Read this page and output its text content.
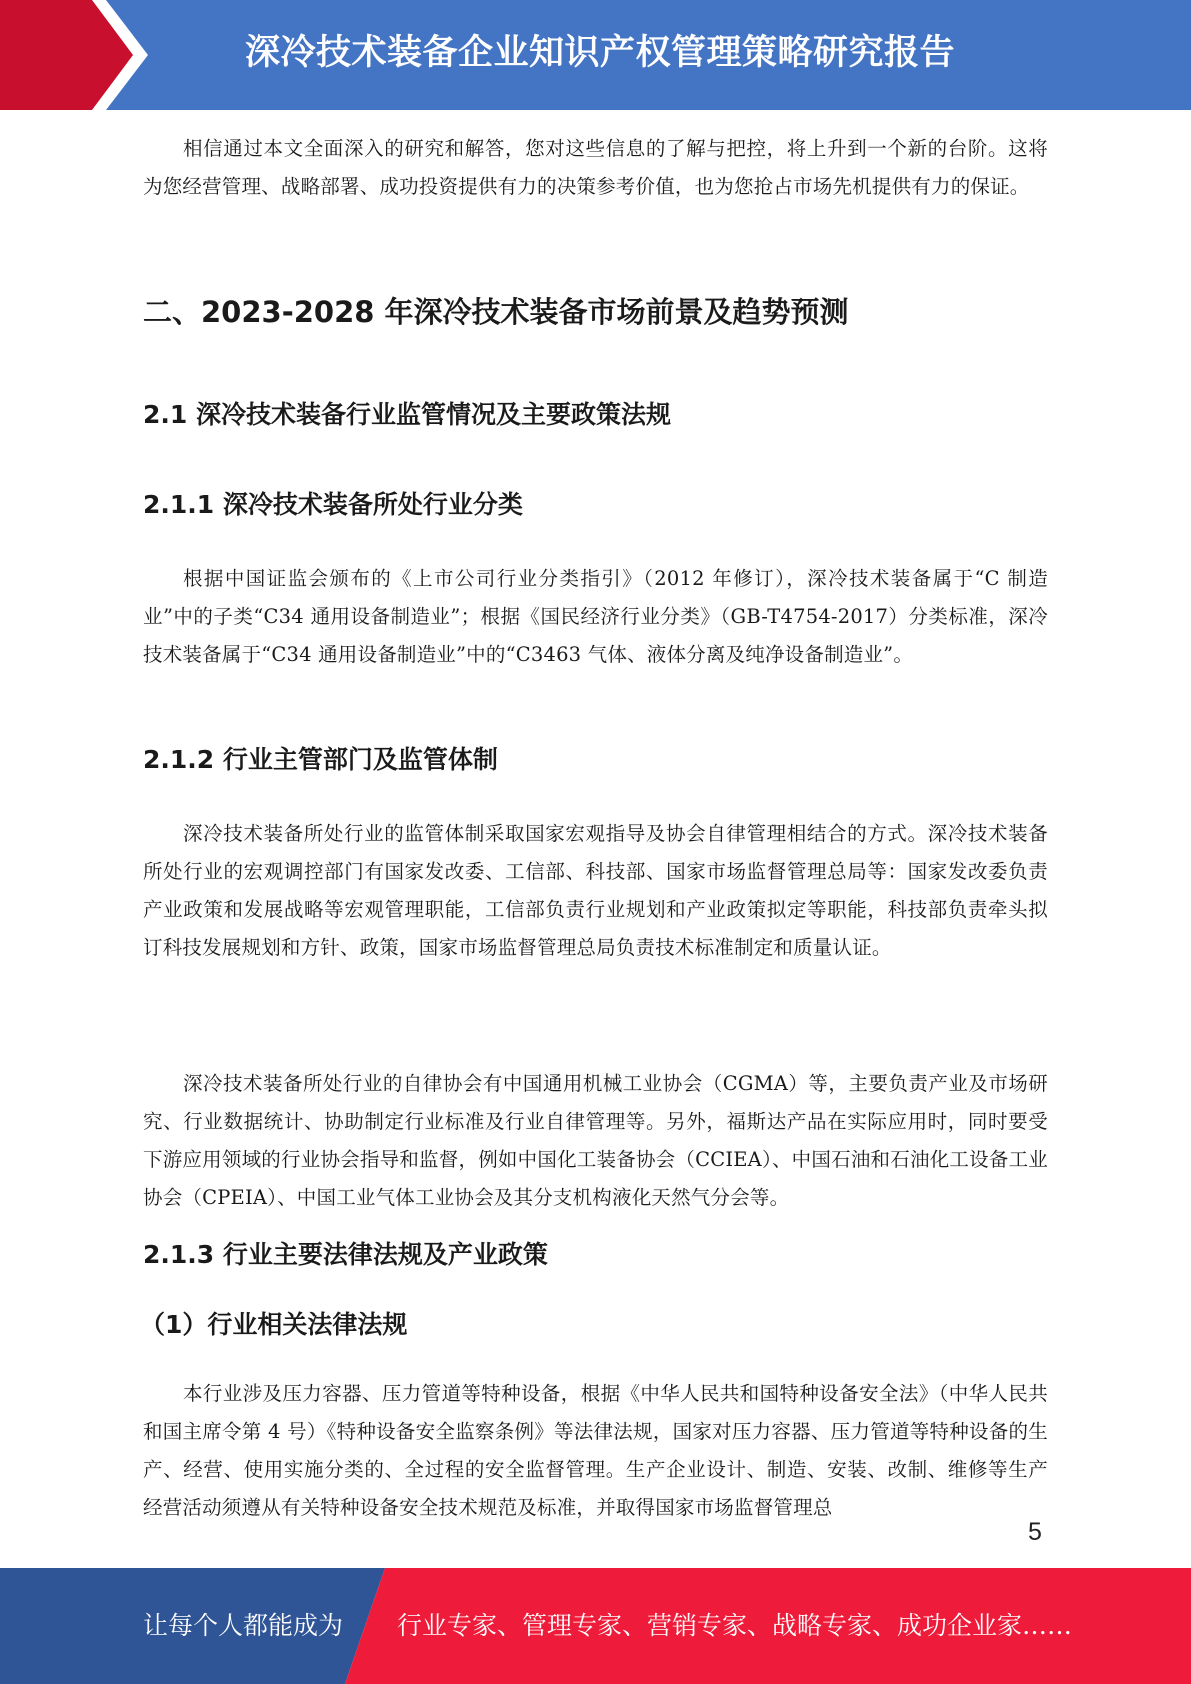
深冷技术装备企业知识产权管理策略研究报告

相信通过本文全面深入的研究和解答，您对这些信息的了解与把控，将上升到一个新的台阶。这将为您经营管理、战略部署、成功投资提供有力的决策参考价值，也为您抢占市场先机提供有力的保证。

二、2023-2028 年深冷技术装备市场前景及趋势预测
2.1 深冷技术装备行业监管情况及主要政策法规
2.1.1 深冷技术装备所处行业分类

根据中国证监会颁布的《上市公司行业分类指引》（2012 年修订），深冷技术装备属于“C 制造业”中的子类“C34 通用设备制造业”；根据《国民经济行业分类》（GB-T4754-2017）分类标准，深冷技术装备属于“C34 通用设备制造业”中的“C3463 气体、液体分离及纯净设备制造业”。

2.1.2 行业主管部门及监管体制

深冷技术装备所处行业的监管体制采取国家宏观指导及协会自律管理相结合的方式。深冷技术装备所处行业的宏观调控部门有国家发改委、工信部、科技部、国家市场监督管理总局等：国家发改委负责产业政策和发展战略等宏观管理职能，工信部负责行业规划和产业政策拟定等职能，科技部负责牵头拟订科技发展规划和方针、政策，国家市场监督管理总局负责技术标准制定和质量认证。

深冷技术装备所处行业的自律协会有中国通用机械工业协会（CGMA）等，主要负责产业及市场研究、行业数据统计、协助制定行业标准及行业自律管理等。另外，福斯达产品在实际应用时，同时要受下游应用领域的行业协会指导和监督，例如中国化工装备协会（CCIEA）、中国石油和石油化工设备工业协会（CPEIA）、中国工业气体工业协会及其分支机构液化天然气分会等。

2.1.3 行业主要法律法规及产业政策
（1）行业相关法律法规

本行业涉及压力容器、压力管道等特种设备，根据《中华人民共和国特种设备安全法》（中华人民共和国主席令第 4 号）《特种设备安全监察条例》等法律法规，国家对压力容器、压力管道等特种设备的生产、经营、使用实施分类的、全过程的安全监督管理。生产企业设计、制造、安装、改制、维修等生产经营活动须遵从有关特种设备安全技术规范及标准，并取得国家市场监督管理总

5
让每个人都能成为 行业专家、管理专家、营销专家、战略专家、成功企业家……
